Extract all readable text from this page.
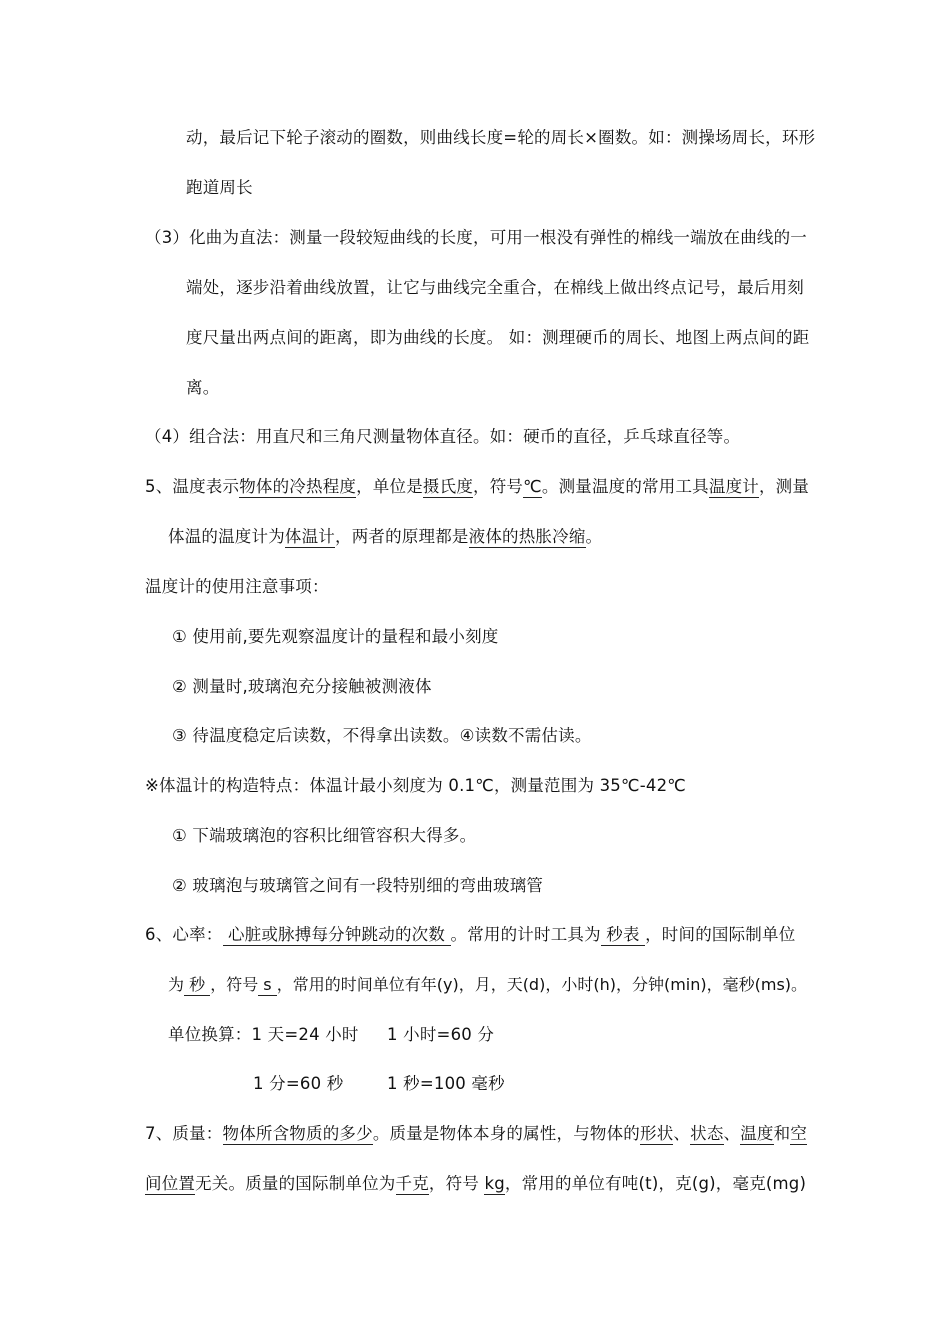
动，最后记下轮子滚动的圈数，则曲线长度=轮的周长×圈数。如：测操场周长，环形
跑道周长
（3）化曲为直法：测量一段较短曲线的长度，可用一根没有弹性的棉线一端放在曲线的一
端处，逐步沿着曲线放置，让它与曲线完全重合，在棉线上做出终点记号，最后用刻
度尺量出两点间的距离，即为曲线的长度。 如：测理硬币的周长、地图上两点间的距
离。
（4）组合法：用直尺和三角尺测量物体直径。如：硬币的直径，乒乓球直径等。
5、温度表示物体的冷热程度，单位是摄氏度，符号℃。测量温度的常用工具温度计，测量
体温的温度计为体温计，两者的原理都是液体的热胀冷缩。
温度计的使用注意事项：
① 使用前,要先观察温度计的量程和最小刻度
② 测量时,玻璃泡充分接触被测液体
③ 待温度稳定后读数，不得拿出读数。④读数不需估读。
※体温计的构造特点：体温计最小刻度为 0.1℃，测量范围为 35℃-42℃
① 下端玻璃泡的容积比细管容积大得多。
② 玻璃泡与玻璃管之间有一段特别细的弯曲玻璃管
6、心率： 心脏或脉搏每分钟跳动的次数 。常用的计时工具为 秒表 ，时间的国际制单位
为 秒 ，符号 s ，常用的时间单位有年(y)，月，天(d)，小时(h)，分钟(min)，毫秒(ms)。
单位换算：1 天=24 小时 1 小时=60 分
1 分=60 秒	1 秒=100 毫秒
7、质量：物体所含物质的多少。质量是物体本身的属性，与物体的形状、状态、温度和空
间位置无关。质量的国际制单位为千克，符号 kg，常用的单位有吨(t)，克(g)，毫克(mg)
